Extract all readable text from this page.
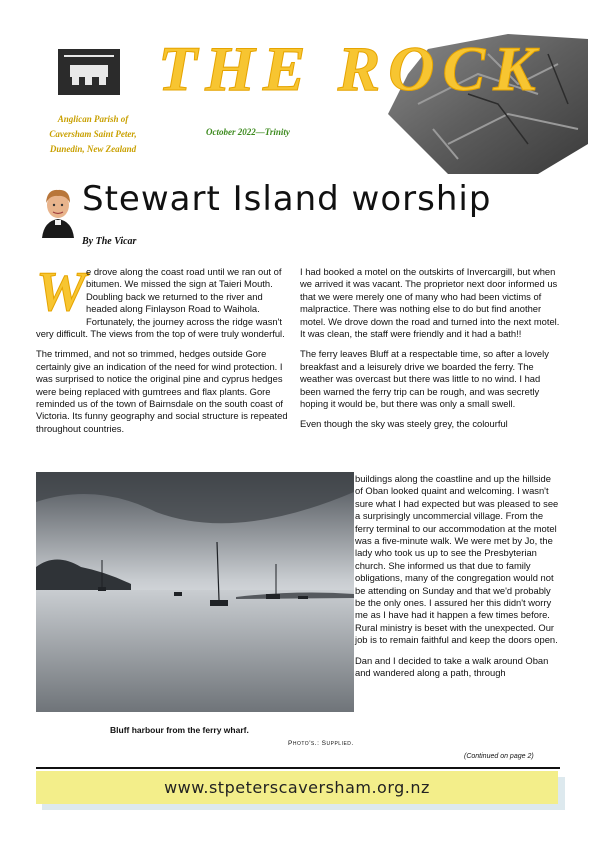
THE ROCK
Anglican Parish of
Caversham Saint Peter,
Dunedin, New Zealand
October 2022—Trinity
Stewart Island worship
By The Vicar

We drove along the coast road until we ran out of bitumen. We missed the sign at Taieri Mouth. Doubling back we returned to the river and headed along Finlayson Road to Waihola. Fortunately, the journey across the ridge wasn't very difficult. The views from the top of were truly wonderful.

The trimmed, and not so trimmed, hedges outside Gore certainly give an indication of the need for wind protection. I was surprised to notice the original pine and cyprus hedges were being replaced with gumtrees and flax plants. Gore reminded us of the town of Bairnsdale on the south coast of Victoria. Its funny geography and social structure is repeated throughout countries.

I had booked a motel on the outskirts of Invercargill, but when we arrived it was vacant. The proprietor next door informed us that we were merely one of many who had been victims of malpractice. There was nothing else to do but find another motel. We drove down the road and turned into the next motel. It was clean, the staff were friendly and it had a bath!!

The ferry leaves Bluff at a respectable time, so after a lovely breakfast and a leisurely drive we boarded the ferry. The weather was overcast but there was little to no wind. I had been warned the ferry trip can be rough, and was secretly hoping it would be, but there was only a small swell.

Even though the sky was steely grey, the colourful

buildings along the coastline and up the hillside of Oban looked quaint and welcoming. I wasn't sure what I had expected but was pleased to see a surprisingly uncommercial village. From the ferry terminal to our accommodation at the motel was a five-minute walk. We were met by Jo, the lady who took us up to see the Presbyterian church. She informed us that due to family obligations, many of the congregation would not be attending on Sunday and that we'd probably be the only ones. I assured her this didn't worry me as I have had it happen a few times before. Rural ministry is beset with the unexpected. Our job is to remain faithful and keep the doors open.

Dan and I decided to take a walk around Oban and wandered along a path, through

Bluff harbour from the ferry wharf.
Photo's.: Supplied.
(Continued on page 2)
www.stpeterscaversham.org.nz
